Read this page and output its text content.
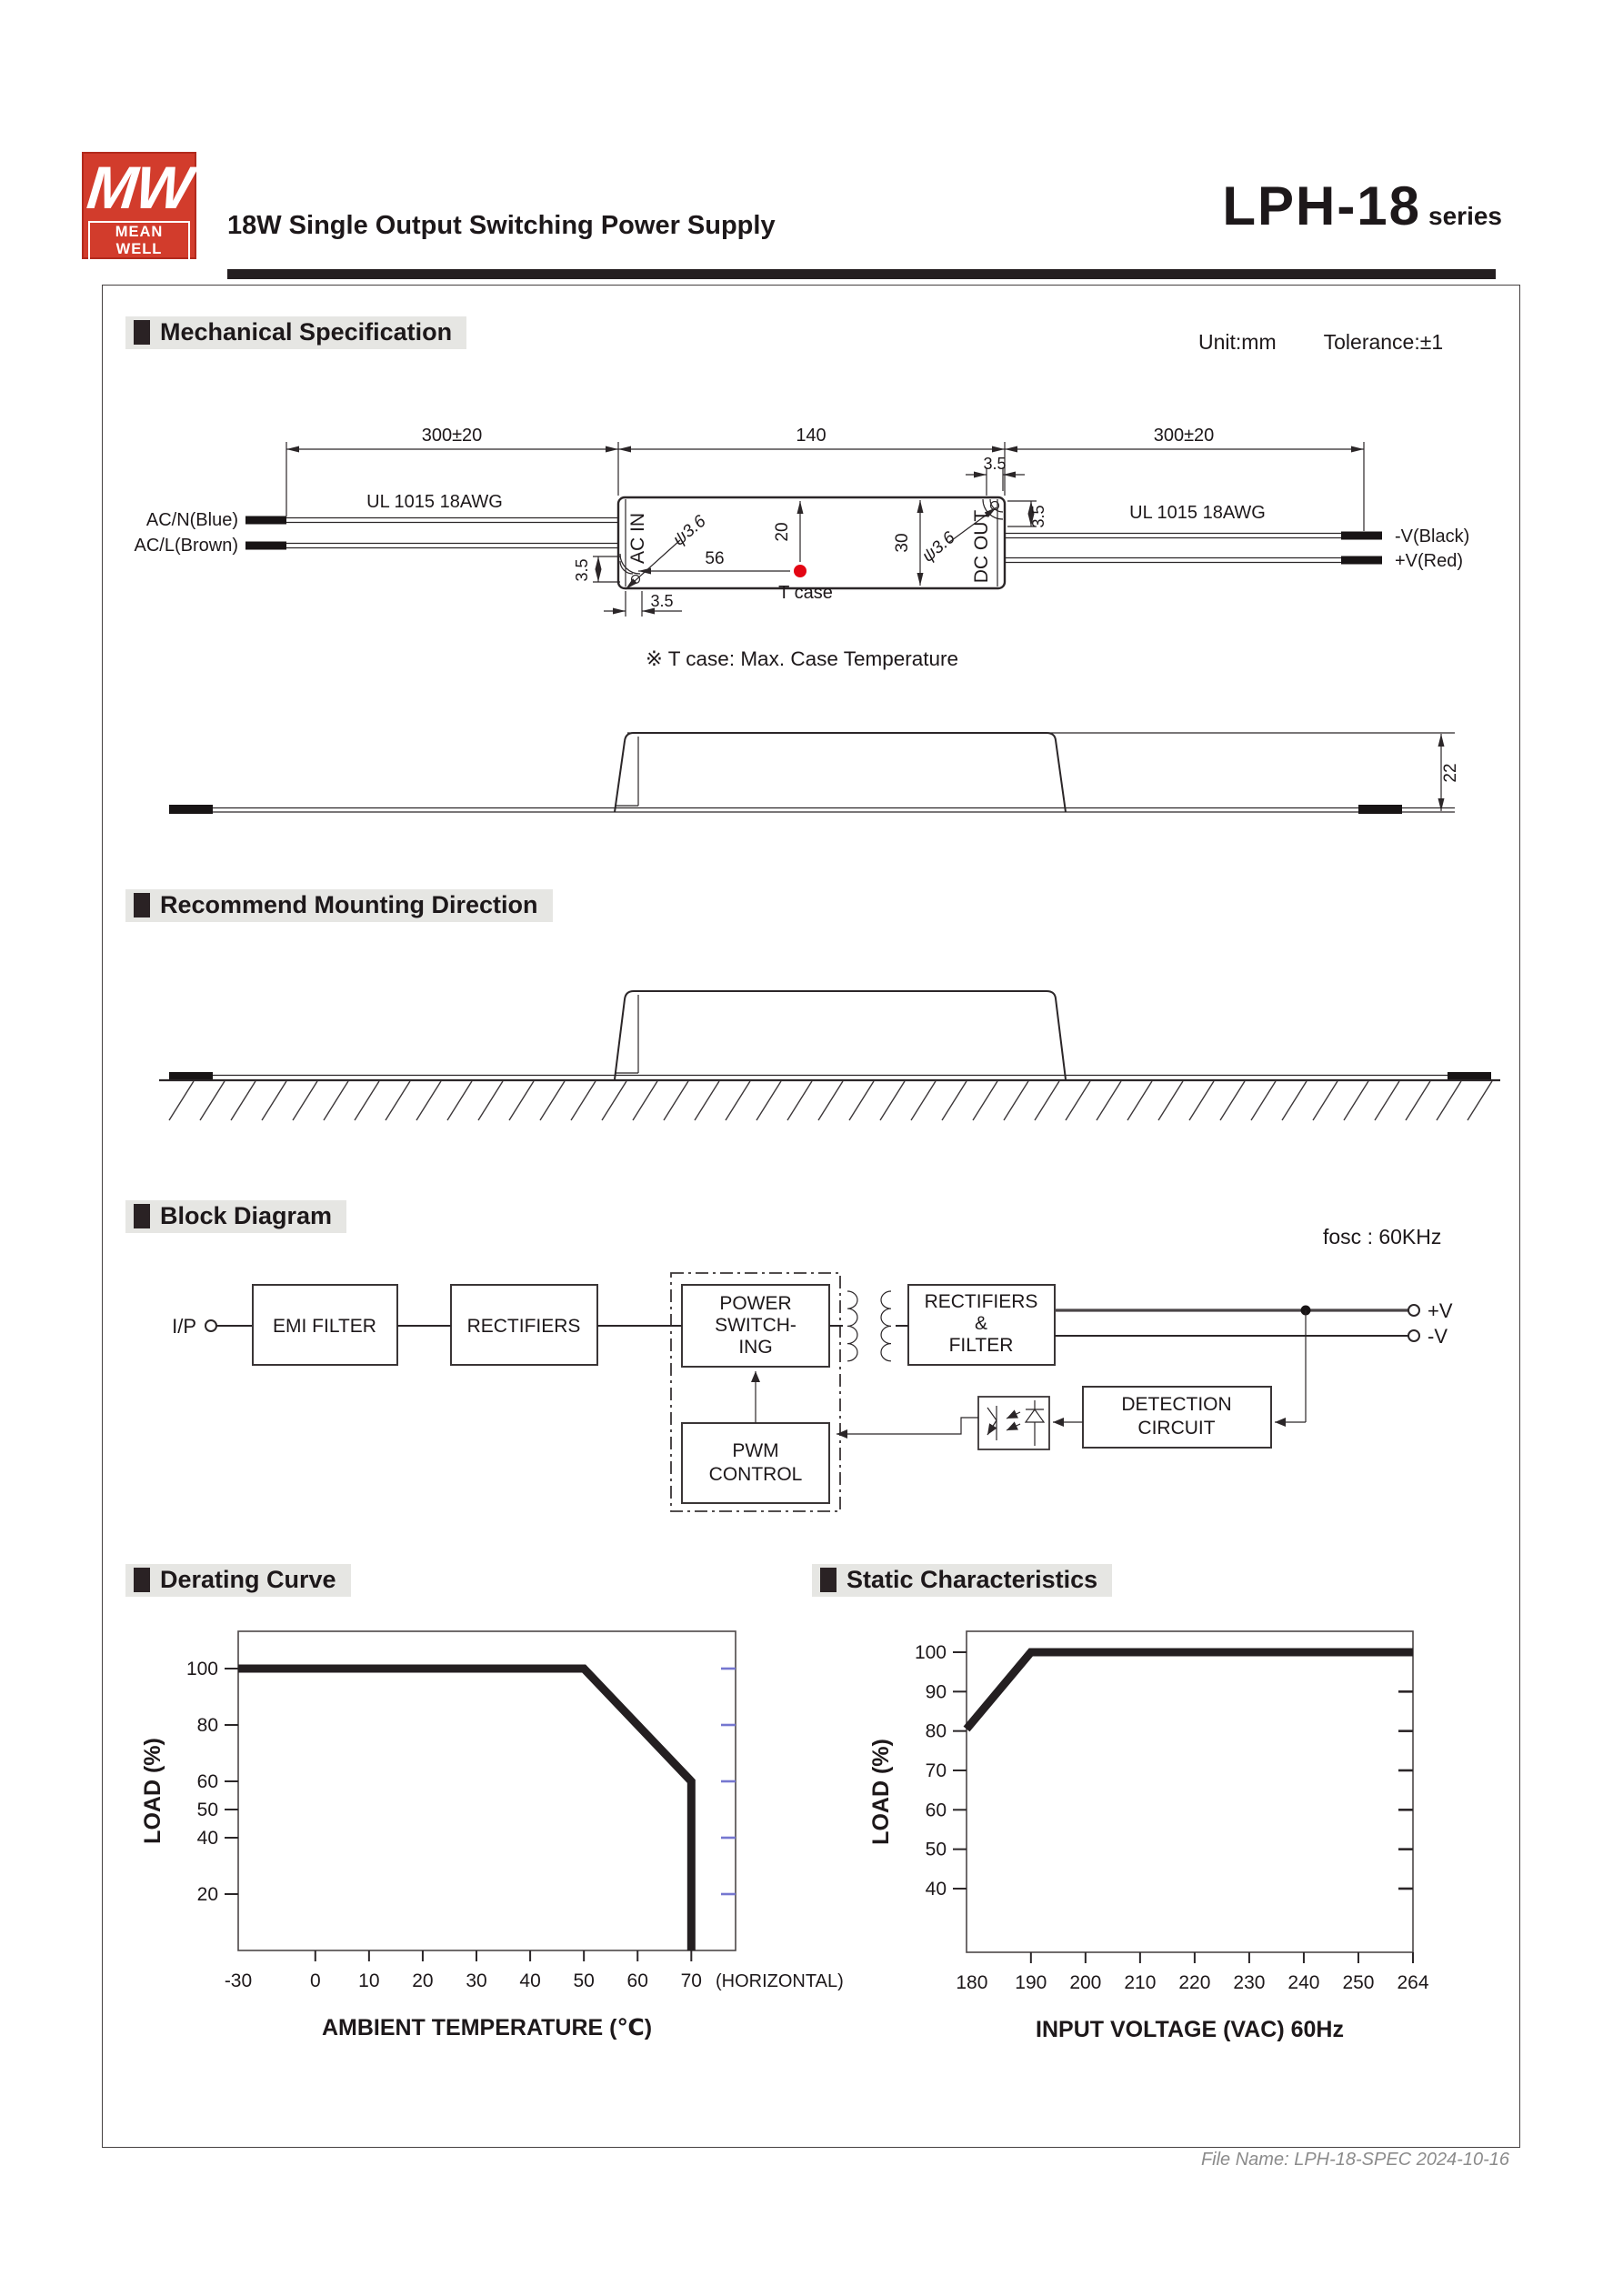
MW
MEAN WELL
18W Single Output Switching Power Supply	LPH-18 series
Mechanical Specification	Unit:mm Tolerance:±1
ψ3.6	ψ3.6
AC IN	DC OUT
T case
56
20
30
3.5
3.5
3.5
3.5
300±20	140	300±20
UL 1015 18AWG
UL 1015 18AWG
AC/N(Blue)
AC/L(Brown)	-V(Black)
+V(Red)
※ T case: Max. Case Temperature
22
Recommend Mounting Direction
Block Diagram
fosc : 60KHz
I/P	EMI FILTER	RECTIFIERS
POWER
SWITCH-
ING
PWM
CONTROL
RECTIFIERS
&
FILTER
DETECTION
CIRCUIT
+V
-V
Derating Curve	Static Characteristics
100
80
60
50
40
20
-30	0 10 20 30 40 50 60 70 (HORIZONTAL)
AMBIENT TEMPERATURE (℃)
LOAD (%)
100
90
80
70
60
50
40
180 190 200 210 220 230 240 250 264
INPUT VOLTAGE (VAC) 60Hz
LOAD (%)
File Name: LPH-18-SPEC 2024-10-16
